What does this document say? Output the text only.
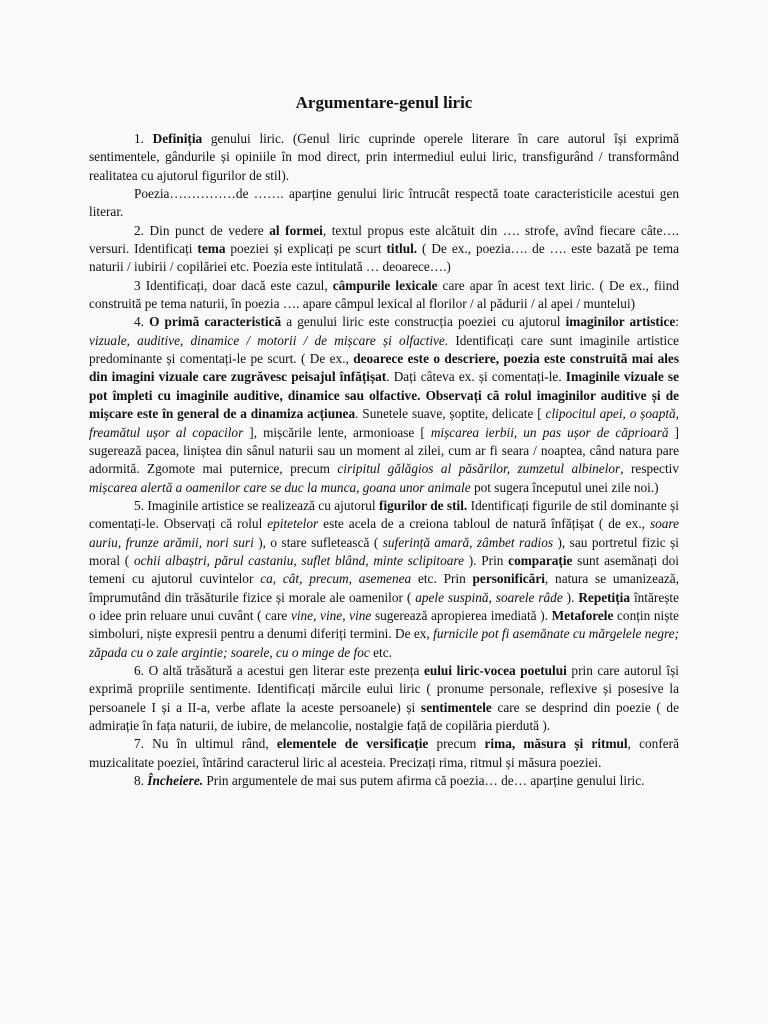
Argumentare-genul liric

1. Definiția genului liric. (Genul liric cuprinde operele literare în care autorul își exprimă sentimentele, gândurile și opiniile în mod direct, prin intermediul eului liric, transfigurând / transformând realitatea cu ajutorul figurilor de stil).

Poezia……………de ……. aparține genului liric întrucât respectă toate caracteristicile acestui gen literar.

2. Din punct de vedere al formei, textul propus este alcătuit din …. strofe, avînd fiecare câte…. versuri. Identificați tema poeziei și explicați pe scurt titlul. ( De ex., poezia…. de …. este bazată pe tema naturii / iubirii / copilăriei etc. Poezia este intitulată … deoarece….)

3 Identificați, doar dacă este cazul, câmpurile lexicale care apar în acest text liric. ( De ex., fiind construită pe tema naturii, în poezia …. apare câmpul lexical al florilor / al pădurii / al apei / muntelui)

4. O primă caracteristică a genului liric este construcția poeziei cu ajutorul imaginilor artistice: vizuale, auditive, dinamice / motorii / de mișcare și olfactive. Identificați care sunt imaginile artistice predominante și comentați-le pe scurt. ( De ex., deoarece este o descriere, poezia este construită mai ales din imagini vizuale care zugrăvesc peisajul înfățișat. Dați câteva ex. și comentați-le. Imaginile vizuale se pot împleti cu imaginile auditive, dinamice sau olfactive. Observați că rolul imaginilor auditive și de mișcare este în general de a dinamiza acțiunea. Sunetele suave, șoptite, delicate [ clipocitul apei, o șoaptă, freamătul ușor al copacilor ], mișcările lente, armonioase [ mișcarea ierbii, un pas ușor de căprioară ] sugerează pacea, liniștea din sânul naturii sau un moment al zilei, cum ar fi seara / noaptea, când natura pare adormită. Zgomote mai puternice, precum ciripitul gălăgios al păsărilor, zumzetul albinelor, respectiv mișcarea alertă a oamenilor care se duc la munca, goana unor animale pot sugera începutul unei zile noi.)

5. Imaginile artistice se realizează cu ajutorul figurilor de stil. Identificați figurile de stil dominante și comentați-le. Observați că rolul epitetelor este acela de a creiona tabloul de natură înfățișat ( de ex., soare auriu, frunze arămii, nori suri ), o stare sufletească ( suferință amară, zâmbet radios ), sau portretul fizic și moral ( ochii albaștri, părul castaniu, suflet blând, minte sclipitoare ). Prin comparație sunt asemănați doi temeni cu ajutorul cuvintelor ca, cât, precum, asemenea etc. Prin personificări, natura se umanizează, împrumutând din trăsăturile fizice și morale ale oamenilor ( apele suspină, soarele râde ). Repetiția întărește o idee prin reluare unui cuvânt ( care vine, vine, vine sugerează apropierea imediată ). Metaforele conțin niște simboluri, niște expresii pentru a denumi diferiți termini. De ex, furnicile pot fi asemănate cu mărgelele negre; zăpada cu o zale argintie; soarele, cu o minge de foc etc.

6. O altă trăsătură a acestui gen literar este prezența eului liric-vocea poetului prin care autorul își exprimă propriile sentimente. Identificați mărcile eului liric ( pronume personale, reflexive și posesive la persoanele I și a II-a, verbe aflate la aceste persoanele) și sentimentele care se desprind din poezie ( de admirație în fața naturii, de iubire, de melancolie, nostalgie față de copilăria pierdută ).

7. Nu în ultimul rând, elementele de versificație precum rima, măsura și ritmul, conferă muzicalitate poeziei, întărind caracterul liric al acesteia. Precizați rima, ritmul și măsura poeziei.

8. Încheiere. Prin argumentele de mai sus putem afirma că poezia… de… aparține genului liric.
